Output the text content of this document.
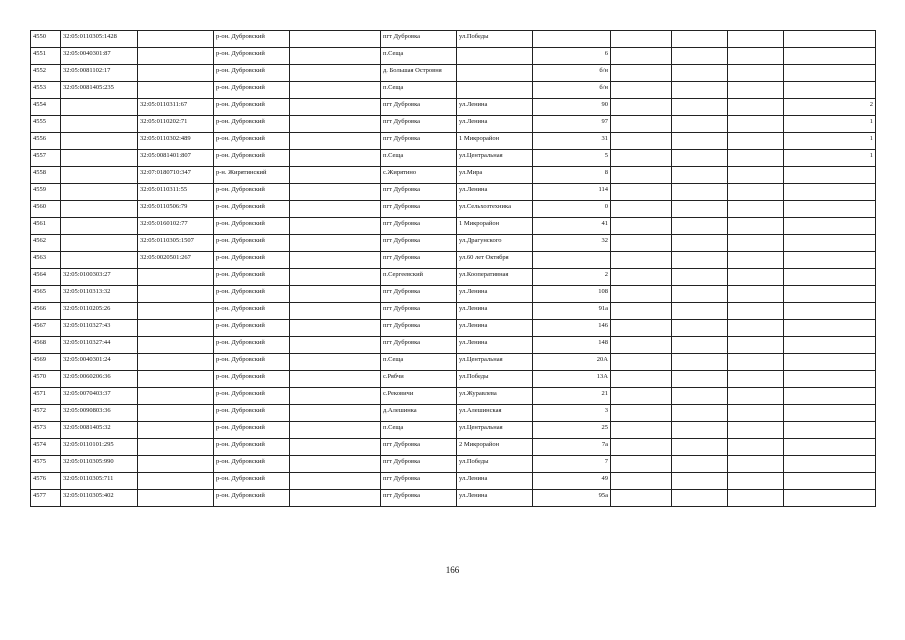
4550	32:05:0110305:1428		р-он. Дубровский		пгт Дубровка	ул.Победы					
4551	32:05:0040301:87		р-он. Дубровский		п.Сеща		6				
4552	32:05:0081102:17		р-он. Дубровский		д. Большая Островня		б/н				
4553	32:05:0081405:235		р-он. Дубровский		п.Сеща		б/н				
4554		32:05:0110311:67	р-он. Дубровский		пгт Дубровка	ул.Ленина	90				2
4555		32:05:0110202:71	р-он. Дубровский		пгт Дубровка	ул.Ленина	97				1
4556		32:05:0110302:489	р-он. Дубровский		пгт Дубровка	1 Микрорайон	31				1
4557		32:05:0081401:807	р-он. Дубровский		п.Сеща	ул.Центральная	5				1
4558		32:07:0180710:347	р-н. Жирятинский		с.Жирятино	ул.Мира	8				
4559		32:05:0110311:55	р-он. Дубровский		пгт Дубровка	ул.Ленина	114				
4560		32:05:0110506:79	р-он. Дубровский		пгт Дубровка	ул.Сельхозтехника	0				
4561		32:05:0160102:77	р-он. Дубровский		пгт Дубровка	1 Микрорайон	41				
4562		32:05:0110305:1507	р-он. Дубровский		пгт Дубровка	ул.Драгунского	32				
4563		32:05:0020501:267	р-он. Дубровский		пгт Дубровка	ул.60 лет Октября					
4564	32:05:0100303:27		р-он. Дубровский		п.Сергеевский	ул.Кооперативная	2				
4565	32:05:0110313:32		р-он. Дубровский		пгт Дубровка	ул.Ленина	108				
4566	32:05:0110205:26		р-он. Дубровский		пгт Дубровка	ул.Ленина	91а				
4567	32:05:0110327:43		р-он. Дубровский		пгт Дубровка	ул.Ленина	146				
4568	32:05:0110327:44		р-он. Дубровский		пгт Дубровка	ул.Ленина	148				
4569	32:05:0040301:24		р-он. Дубровский		п.Сеща	ул.Центральная	20А				
4570	32:05:0060206:36		р-он. Дубровский		с.Рябчи	ул.Победы	13А				
4571	32:05:0070403:37		р-он. Дубровский		с.Рековичи	ул.Журавлева	21				
4572	32:05:0090803:36		р-он. Дубровский		д.Алешинка	ул.Алешинская	3				
4573	32:05:0081405:32		р-он. Дубровский		п.Сеща	ул.Центральная	25				
4574	32:05:0110101:295		р-он. Дубровский		пгт Дубровка	2 Микрорайон	7а				
4575	32:05:0110305:990		р-он. Дубровский		пгт Дубровка	ул.Победы	7				
4576	32:05:0110305:711		р-он. Дубровский		пгт Дубровка	ул.Ленина	49				
4577	32:05:0110305:402		р-он. Дубровский		пгт Дубровка	ул.Ленина	95а				
166
